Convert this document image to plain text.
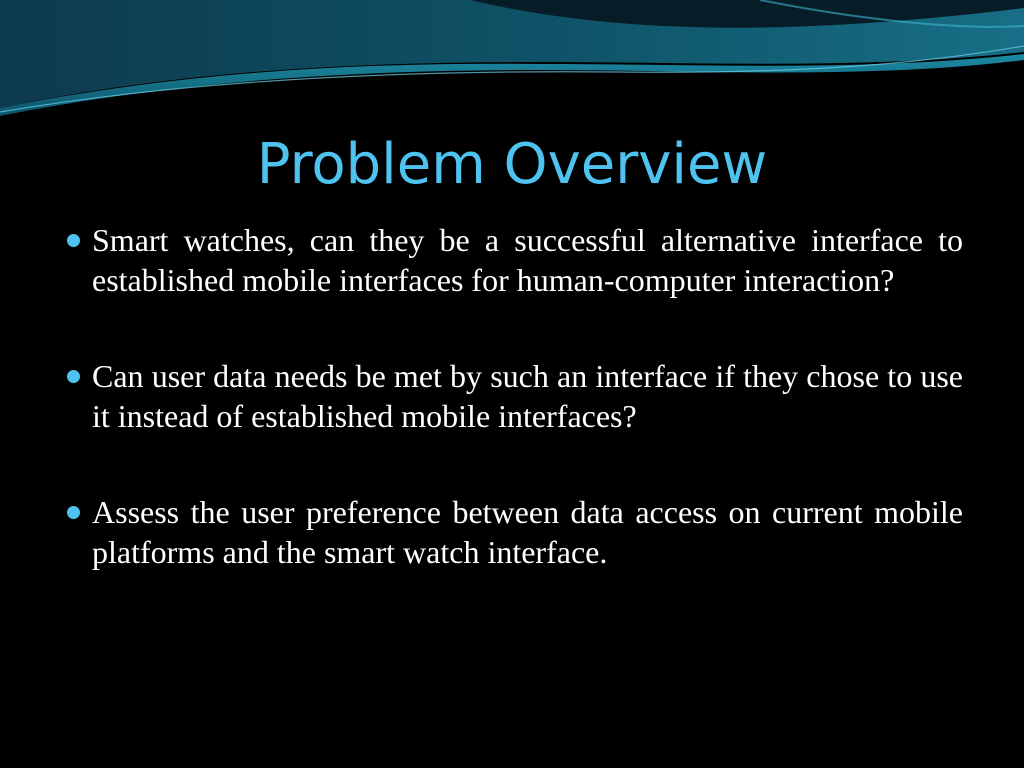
Problem Overview
Smart watches, can they be a successful alternative interface to established mobile interfaces for human-computer interaction?
Can user data needs be met by such an interface if they chose to use it instead of established mobile interfaces?
Assess the user preference between data access on current mobile platforms and the smart watch interface.
